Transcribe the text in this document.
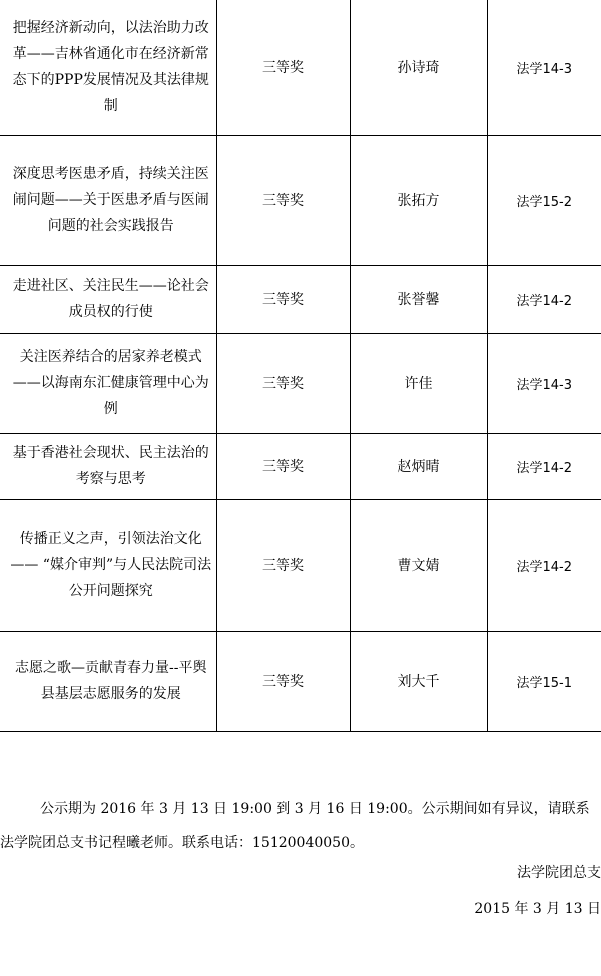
把握经济新动向，以法治助力改革——吉林省通化市在经济新常态下的PPP发展情况及其法律规制	三等奖	孙诗琦	法学14-3
深度思考医患矛盾，持续关注医闹问题——关于医患矛盾与医闹问题的社会实践报告	三等奖	张拓方	法学15-2
走进社区、关注民生——论社会成员权的行使	三等奖	张誉馨	法学14-2
关注医养结合的居家养老模式——以海南东汇健康管理中心为例	三等奖	许佳	法学14-3
基于香港社会现状、民主法治的考察与思考	三等奖	赵炳晴	法学14-2
传播正义之声，引领法治文化—— “媒介审判”与人民法院司法公开问题探究	三等奖	曹文婧	法学14-2
志愿之歌—贡献青春力量--平舆县基层志愿服务的发展	三等奖	刘大千	法学15-1

公示期为 2016 年 3 月 13 日 19:00 到 3 月 16 日 19:00。公示期间如有异议，请联系法学院团总支书记程曦老师。联系电话：15120040050。

法学院团总支
2015 年 3 月 13 日
